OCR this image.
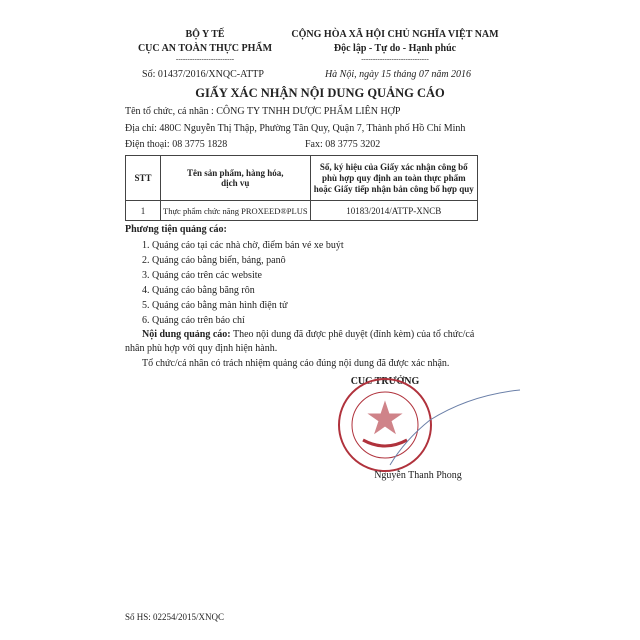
BỘ Y TẾ
CỤC AN TOÀN THỰC PHẨM
-------------------------
Số: 01437/2016/XNQC-ATTP
CỘNG HÒA XÃ HỘI CHỦ NGHĨA VIỆT NAM
Độc lập - Tự do - Hạnh phúc
-----------------------------
Hà Nội, ngày 15 tháng 07 năm 2016
GIẤY XÁC NHẬN NỘI DUNG QUẢNG CÁO
Tên tổ chức, cá nhân : CÔNG TY TNHH DƯỢC PHẨM LIÊN HỢP
Địa chỉ: 480C Nguyễn Thị Thập, Phường Tân Quy, Quận 7, Thành phố Hồ Chí Minh
Điện thoại: 08 3775 1828	Fax: 08 3775 3202
STT	Tên sản phẩm, hàng hóa, dịch vụ	Số, ký hiệu của Giấy xác nhận công bố phù hợp quy định an toàn thực phẩm hoặc Giấy tiếp nhận bản công bố hợp quy
1	Thực phẩm chức năng PROXEED®PLUS	10183/2014/ATTP-XNCB
Phương tiện quảng cáo:
1. Quảng cáo tại các nhà chờ, điểm bán vé xe buýt
2. Quảng cáo bằng biển, bảng, panô
3. Quảng cáo trên các website
4. Quảng cáo bằng băng rôn
5. Quảng cáo bằng màn hình điện tử
6. Quảng cáo trên báo chí
Nội dung quảng cáo: Theo nội dung đã được phê duyệt (đính kèm) của tổ chức/cá
nhân phù hợp với quy định hiện hành.
Tổ chức/cá nhân có trách nhiệm quảng cáo đúng nội dung đã được xác nhận.
CỤC TRƯỞNG
Nguyễn Thanh Phong
Số HS: 02254/2015/XNQC
